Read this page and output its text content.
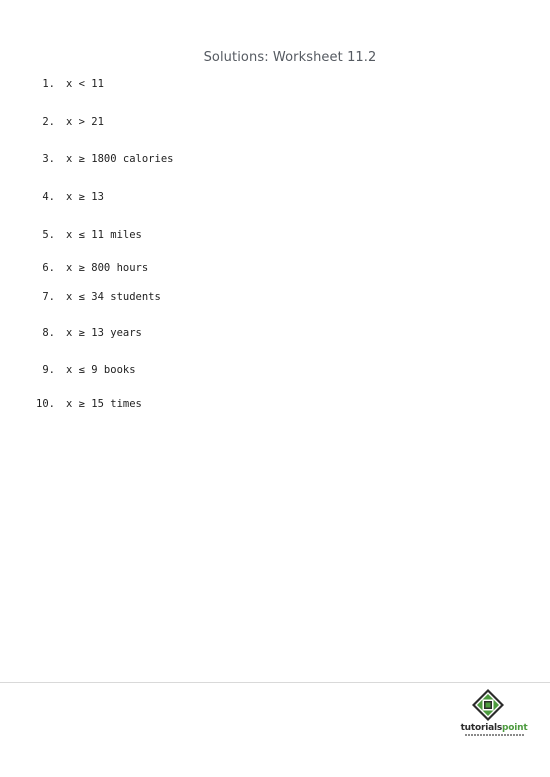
Solutions: Worksheet 11.2
1. x < 11
2. x > 21
3. x ≥ 1800 calories
4. x ≥ 13
5. x ≤ 11 miles
6. x ≥ 800 hours
7. x ≤ 34 students
8. x ≥ 13 years
9. x ≤ 9 books
10. x ≥ 15 times
tutorialspoint
